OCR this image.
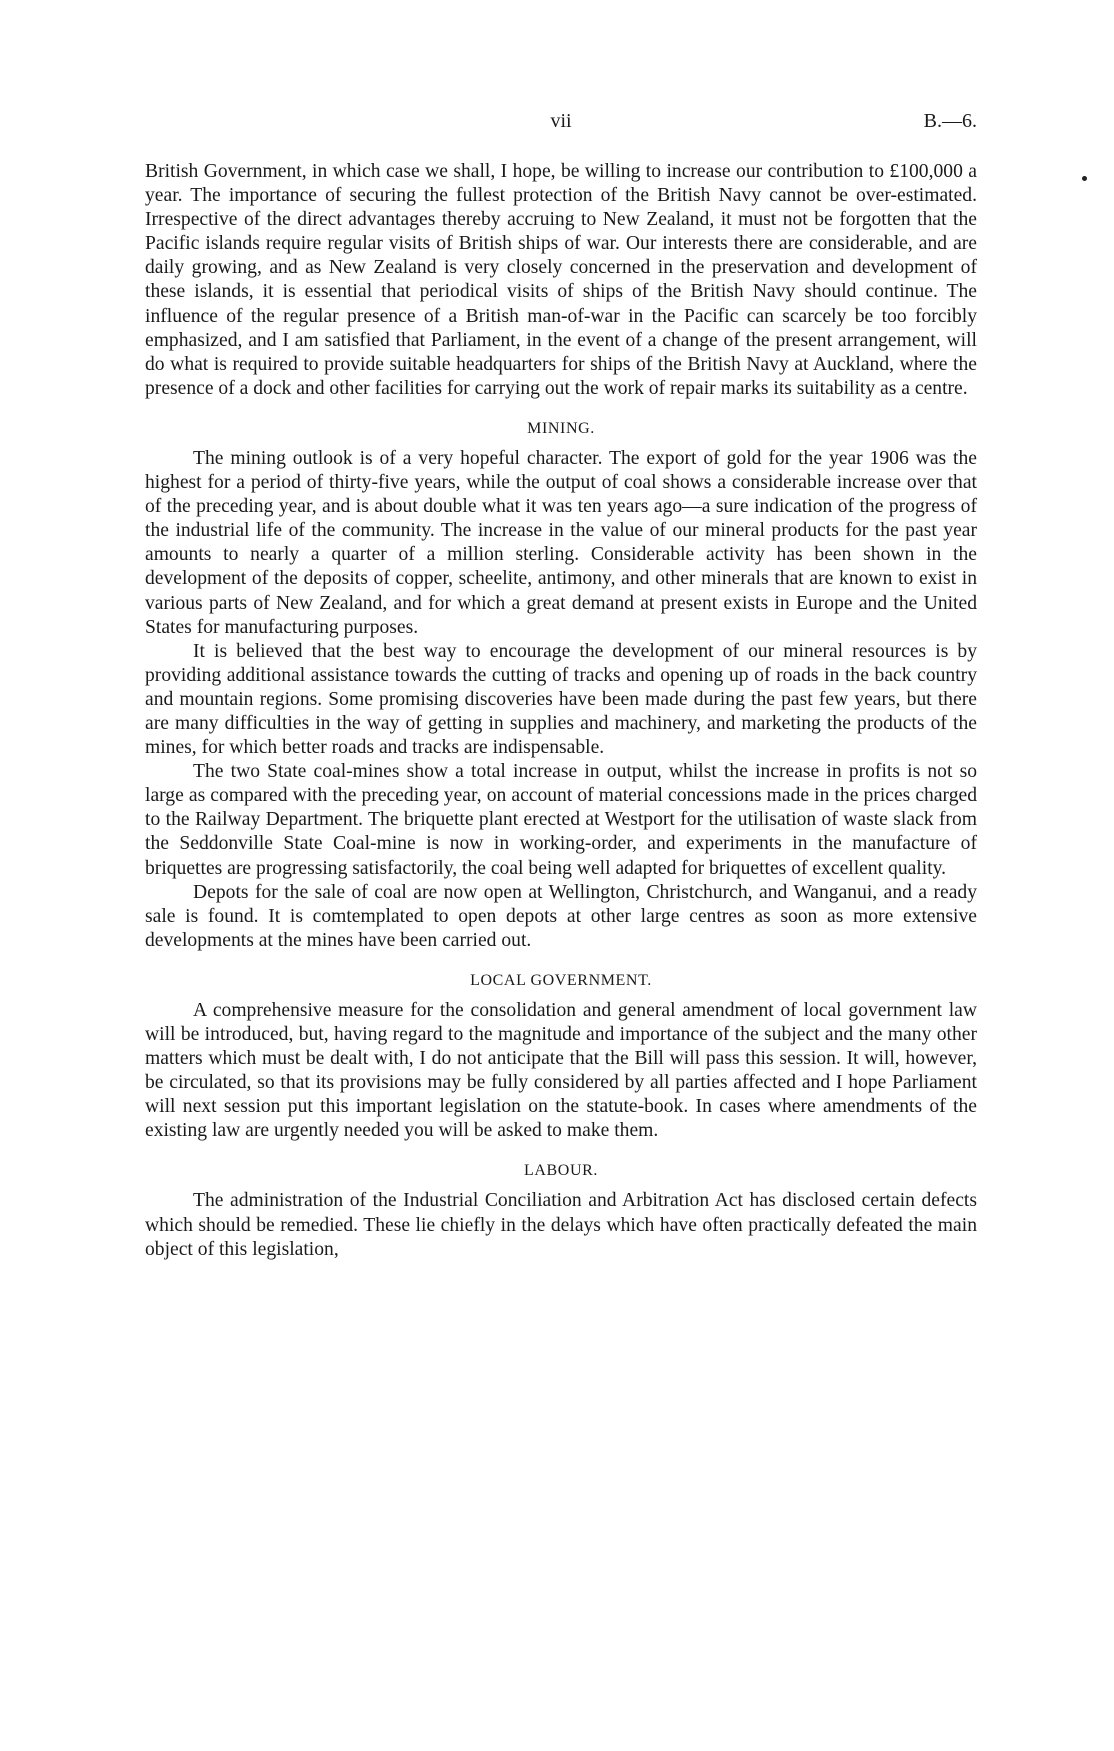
vii	B.—6.

British Government, in which case we shall, I hope, be willing to increase our contribution to £100,000 a year. The importance of securing the fullest protection of the British Navy cannot be over-estimated. Irrespective of the direct advantages thereby accruing to New Zealand, it must not be forgotten that the Pacific islands require regular visits of British ships of war. Our interests there are considerable, and are daily growing, and as New Zealand is very closely concerned in the preservation and development of these islands, it is essential that periodical visits of ships of the British Navy should continue. The influence of the regular presence of a British man-of-war in the Pacific can scarcely be too forcibly emphasized, and I am satisfied that Parliament, in the event of a change of the present arrangement, will do what is required to provide suitable headquarters for ships of the British Navy at Auckland, where the presence of a dock and other facilities for carrying out the work of repair marks its suitability as a centre.

MINING.

The mining outlook is of a very hopeful character. The export of gold for the year 1906 was the highest for a period of thirty-five years, while the output of coal shows a considerable increase over that of the preceding year, and is about double what it was ten years ago—a sure indication of the progress of the industrial life of the community. The increase in the value of our mineral products for the past year amounts to nearly a quarter of a million sterling. Considerable activity has been shown in the development of the deposits of copper, scheelite, antimony, and other minerals that are known to exist in various parts of New Zealand, and for which a great demand at present exists in Europe and the United States for manufacturing purposes.

It is believed that the best way to encourage the development of our mineral resources is by providing additional assistance towards the cutting of tracks and opening up of roads in the back country and mountain regions. Some promising discoveries have been made during the past few years, but there are many difficulties in the way of getting in supplies and machinery, and marketing the products of the mines, for which better roads and tracks are indispensable.

The two State coal-mines show a total increase in output, whilst the increase in profits is not so large as compared with the preceding year, on account of material concessions made in the prices charged to the Railway Department. The briquette plant erected at Westport for the utilisation of waste slack from the Seddonville State Coal-mine is now in working-order, and experiments in the manufacture of briquettes are progressing satisfactorily, the coal being well adapted for briquettes of excellent quality.

Depots for the sale of coal are now open at Wellington, Christchurch, and Wanganui, and a ready sale is found. It is comtemplated to open depots at other large centres as soon as more extensive developments at the mines have been carried out.

LOCAL GOVERNMENT.

A comprehensive measure for the consolidation and general amendment of local government law will be introduced, but, having regard to the magnitude and importance of the subject and the many other matters which must be dealt with, I do not anticipate that the Bill will pass this session. It will, however, be circulated, so that its provisions may be fully considered by all parties affected and I hope Parliament will next session put this important legislation on the statute-book. In cases where amendments of the existing law are urgently needed you will be asked to make them.

LABOUR.

The administration of the Industrial Conciliation and Arbitration Act has disclosed certain defects which should be remedied. These lie chiefly in the delays which have often practically defeated the main object of this legislation,
